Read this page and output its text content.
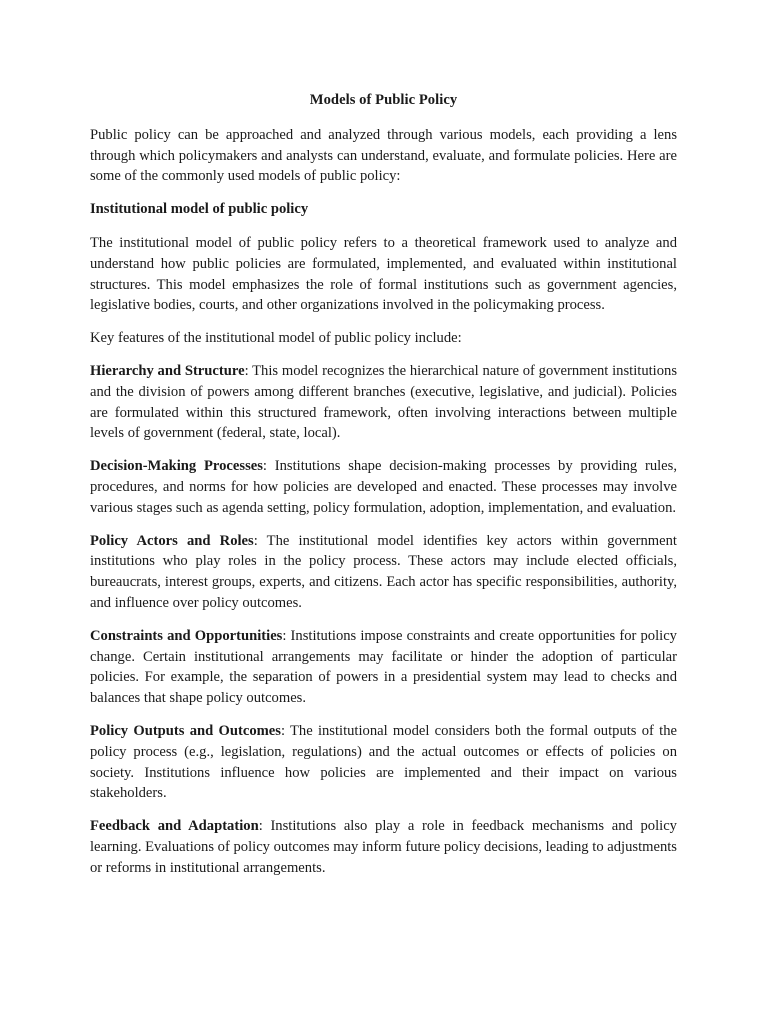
Models of Public Policy

Public policy can be approached and analyzed through various models, each providing a lens through which policymakers and analysts can understand, evaluate, and formulate policies. Here are some of the commonly used models of public policy:

Institutional model of public policy

The institutional model of public policy refers to a theoretical framework used to analyze and understand how public policies are formulated, implemented, and evaluated within institutional structures. This model emphasizes the role of formal institutions such as government agencies, legislative bodies, courts, and other organizations involved in the policymaking process.

Key features of the institutional model of public policy include:

Hierarchy and Structure: This model recognizes the hierarchical nature of government institutions and the division of powers among different branches (executive, legislative, and judicial). Policies are formulated within this structured framework, often involving interactions between multiple levels of government (federal, state, local).

Decision-Making Processes: Institutions shape decision-making processes by providing rules, procedures, and norms for how policies are developed and enacted. These processes may involve various stages such as agenda setting, policy formulation, adoption, implementation, and evaluation.

Policy Actors and Roles: The institutional model identifies key actors within government institutions who play roles in the policy process. These actors may include elected officials, bureaucrats, interest groups, experts, and citizens. Each actor has specific responsibilities, authority, and influence over policy outcomes.

Constraints and Opportunities: Institutions impose constraints and create opportunities for policy change. Certain institutional arrangements may facilitate or hinder the adoption of particular policies. For example, the separation of powers in a presidential system may lead to checks and balances that shape policy outcomes.

Policy Outputs and Outcomes: The institutional model considers both the formal outputs of the policy process (e.g., legislation, regulations) and the actual outcomes or effects of policies on society. Institutions influence how policies are implemented and their impact on various stakeholders.

Feedback and Adaptation: Institutions also play a role in feedback mechanisms and policy learning. Evaluations of policy outcomes may inform future policy decisions, leading to adjustments or reforms in institutional arrangements.
